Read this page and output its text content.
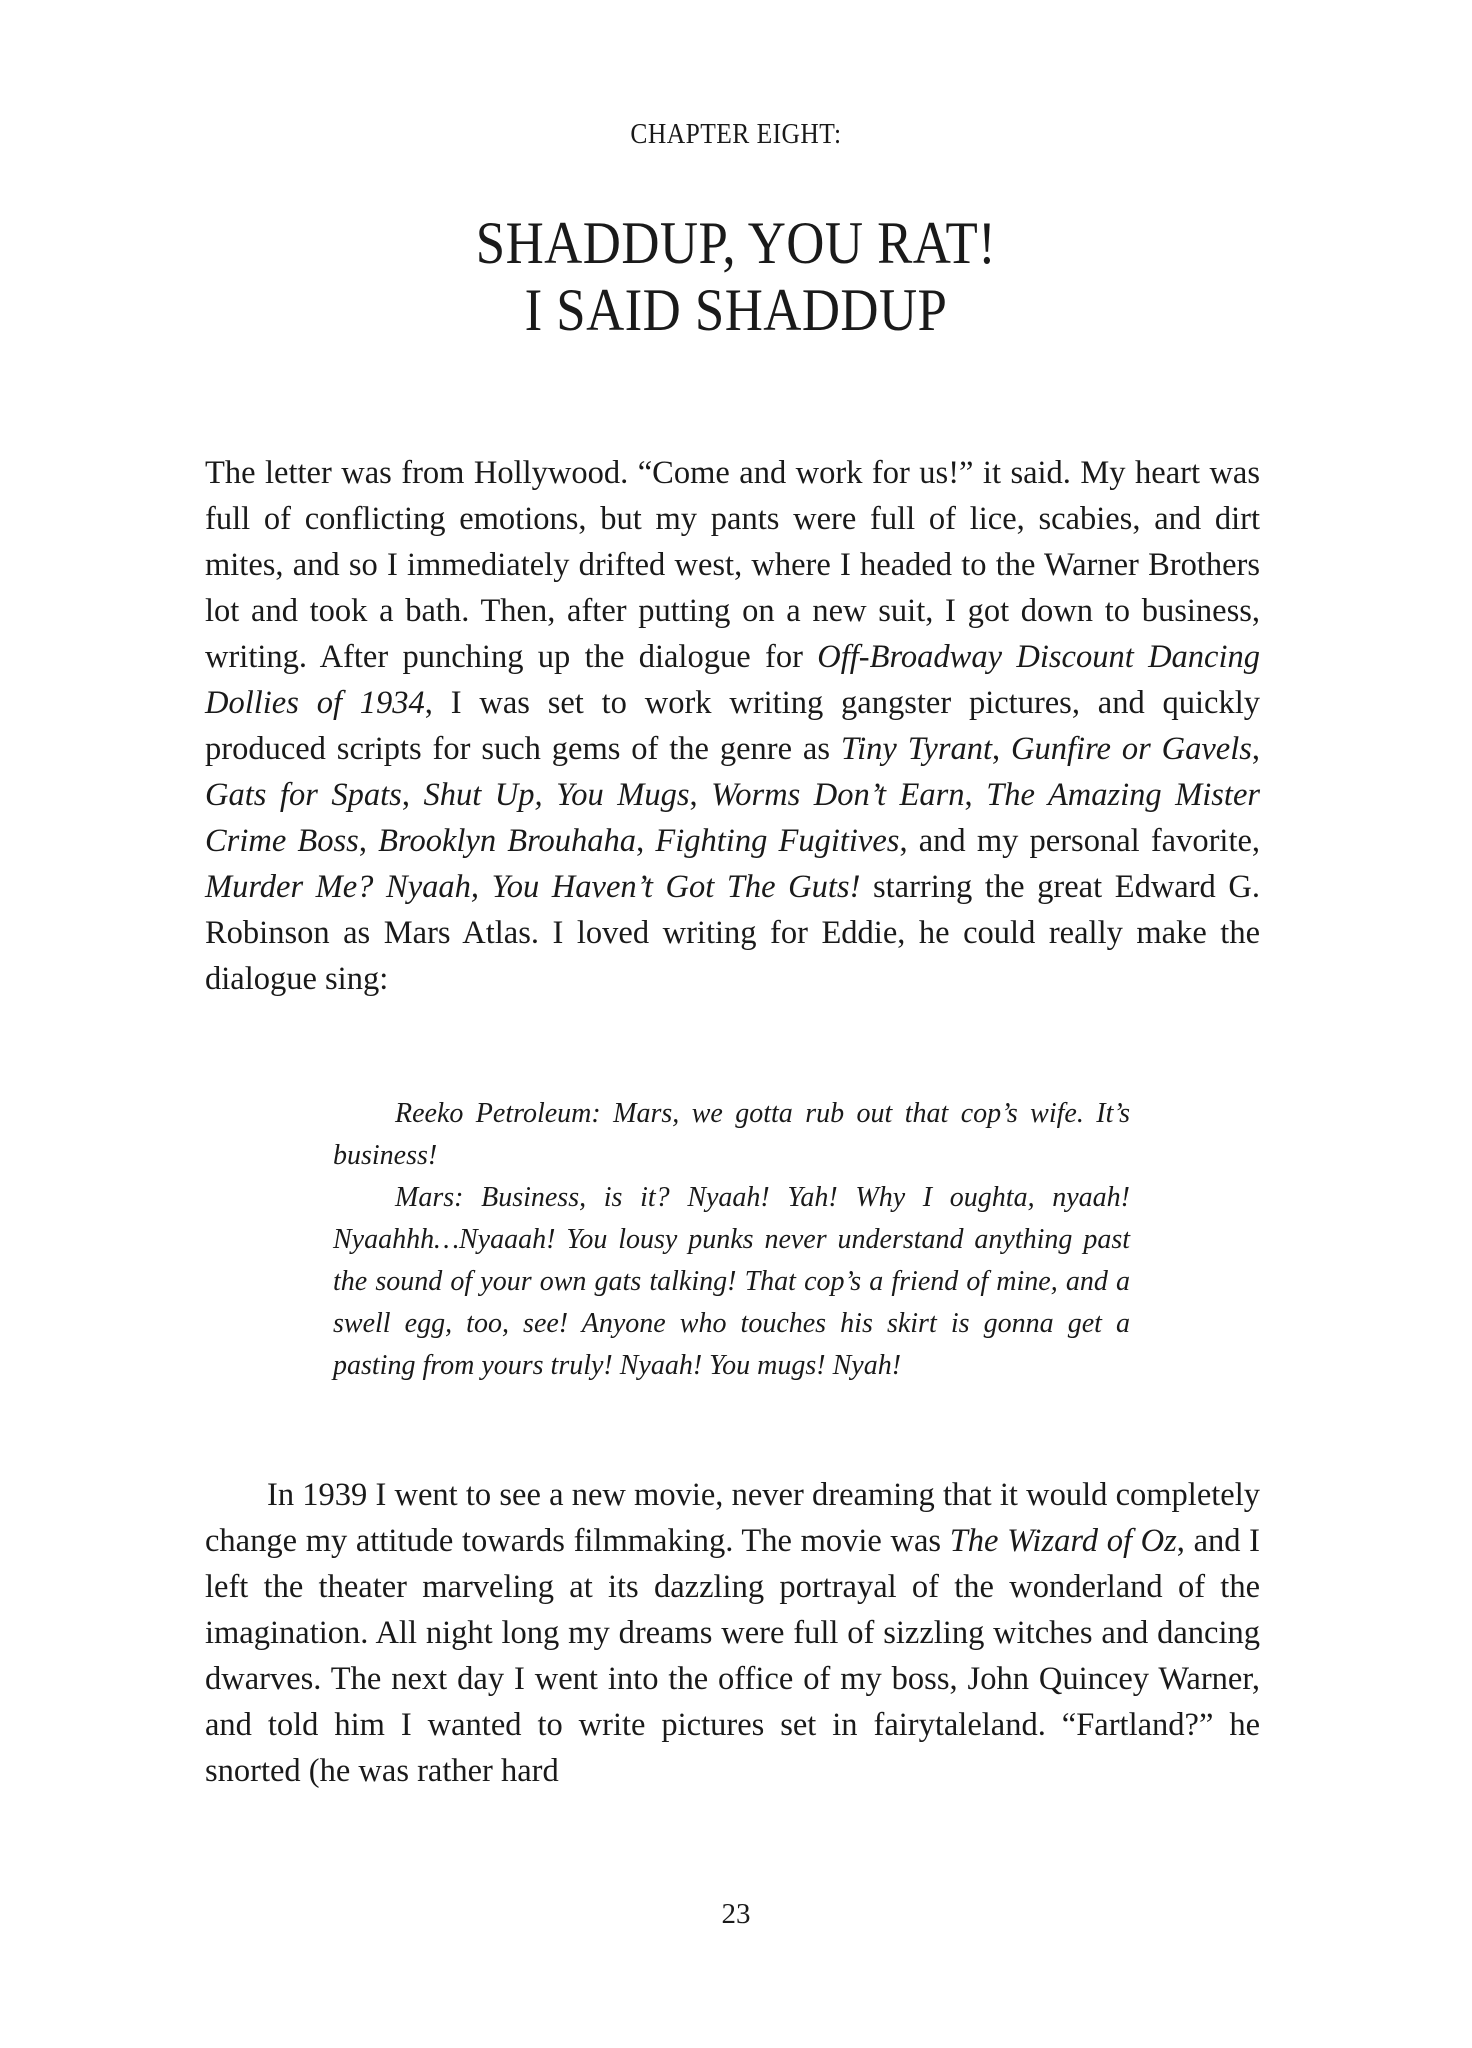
CHAPTER EIGHT:
SHADDUP, YOU RAT!
I SAID SHADDUP

The letter was from Hollywood. “Come and work for us!” it said. My heart was full of conflicting emotions, but my pants were full of lice, scabies, and dirt mites, and so I immediately drifted west, where I headed to the Warner Brothers lot and took a bath. Then, after putting on a new suit, I got down to business, writing. After punching up the dialogue for Off-Broadway Discount Dancing Dollies of 1934, I was set to work writing gangster pictures, and quickly produced scripts for such gems of the genre as Tiny Tyrant, Gunfire or Gavels, Gats for Spats, Shut Up, You Mugs, Worms Don’t Earn, The Amazing Mister Crime Boss, Brooklyn Brouhaha, Fighting Fugitives, and my personal favorite, Murder Me? Nyaah, You Haven’t Got The Guts! starring the great Edward G. Robinson as Mars Atlas. I loved writing for Eddie, he could really make the dialogue sing:

Reeko Petroleum: Mars, we gotta rub out that cop’s wife. It’s business!

Mars: Business, is it? Nyaah! Yah! Why I oughta, nyaah! Nyaahhh…Nyaaah! You lousy punks never understand anything past the sound of your own gats talking! That cop’s a friend of mine, and a swell egg, too, see! Anyone who touches his skirt is gonna get a pasting from yours truly! Nyaah! You mugs! Nyah!

In 1939 I went to see a new movie, never dreaming that it would completely change my attitude towards filmmaking. The movie was The Wizard of Oz, and I left the theater marveling at its dazzling portrayal of the wonderland of the imagination. All night long my dreams were full of sizzling witches and dancing dwarves. The next day I went into the office of my boss, John Quincey Warner, and told him I wanted to write pictures set in fairytaleland. “Fartland?” he snorted (he was rather hard

23
